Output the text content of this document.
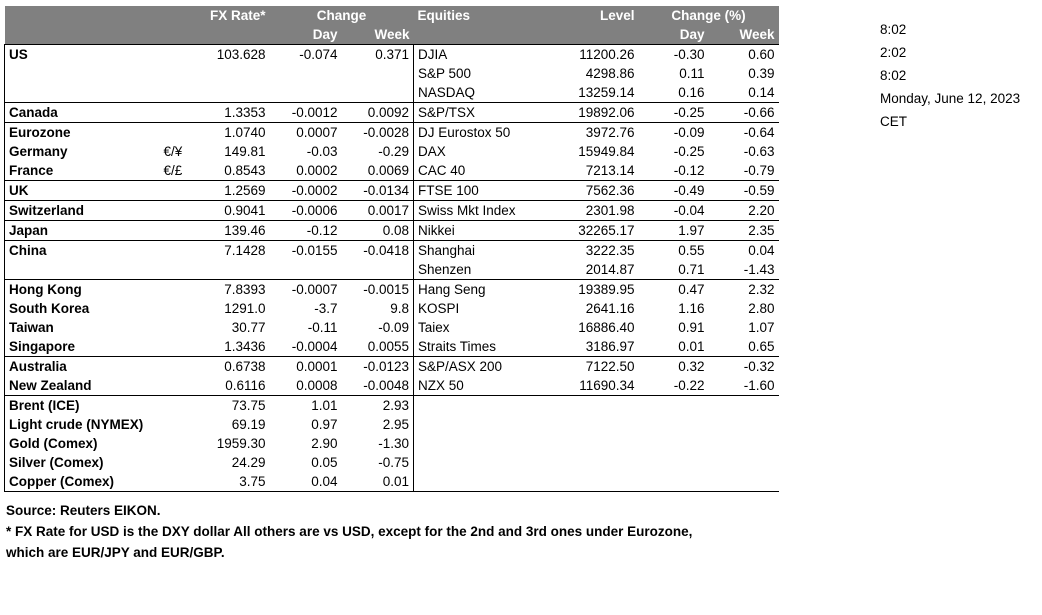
		FX Rate*	Change		Equities	Level	Change (%)	
			Day	Week			Day	Week
US		103.628	-0.074	0.371	DJIA	11200.26	-0.30	0.60
					S&P 500	4298.86	0.11	0.39
					NASDAQ	13259.14	0.16	0.14
Canada		1.3353	-0.0012	0.0092	S&P/TSX	19892.06	-0.25	-0.66
Eurozone		1.0740	0.0007	-0.0028	DJ Eurostox 50	3972.76	-0.09	-0.64
Germany	€/¥	149.81	-0.03	-0.29	DAX	15949.84	-0.25	-0.63
France	€/£	0.8543	0.0002	0.0069	CAC 40	7213.14	-0.12	-0.79
UK		1.2569	-0.0002	-0.0134	FTSE 100	7562.36	-0.49	-0.59
Switzerland		0.9041	-0.0006	0.0017	Swiss Mkt Index	2301.98	-0.04	2.20
Japan		139.46	-0.12	0.08	Nikkei	32265.17	1.97	2.35
China		7.1428	-0.0155	-0.0418	Shanghai	3222.35	0.55	0.04
					Shenzen	2014.87	0.71	-1.43
Hong Kong		7.8393	-0.0007	-0.0015	Hang Seng	19389.95	0.47	2.32
South Korea		1291.0	-3.7	9.8	KOSPI	2641.16	1.16	2.80
Taiwan		30.77	-0.11	-0.09	Taiex	16886.40	0.91	1.07
Singapore		1.3436	-0.0004	0.0055	Straits Times	3186.97	0.01	0.65
Australia		0.6738	0.0001	-0.0123	S&P/ASX 200	7122.50	0.32	-0.32
New Zealand		0.6116	0.0008	-0.0048	NZX 50	11690.34	-0.22	-1.60
Brent (ICE)		73.75	1.01	2.93				
Light crude (NYMEX)		69.19	0.97	2.95				
Gold (Comex)		1959.30	2.90	-1.30				
Silver (Comex)		24.29	0.05	-0.75				
Copper (Comex)		3.75	0.04	0.01				
Source: Reuters EIKON.
* FX Rate for USD is the DXY dollar All others are vs USD, except for the 2nd and 3rd ones under Eurozone,
which are EUR/JPY and EUR/GBP.
8:02
2:02
8:02
Monday, June 12, 2023
CET
